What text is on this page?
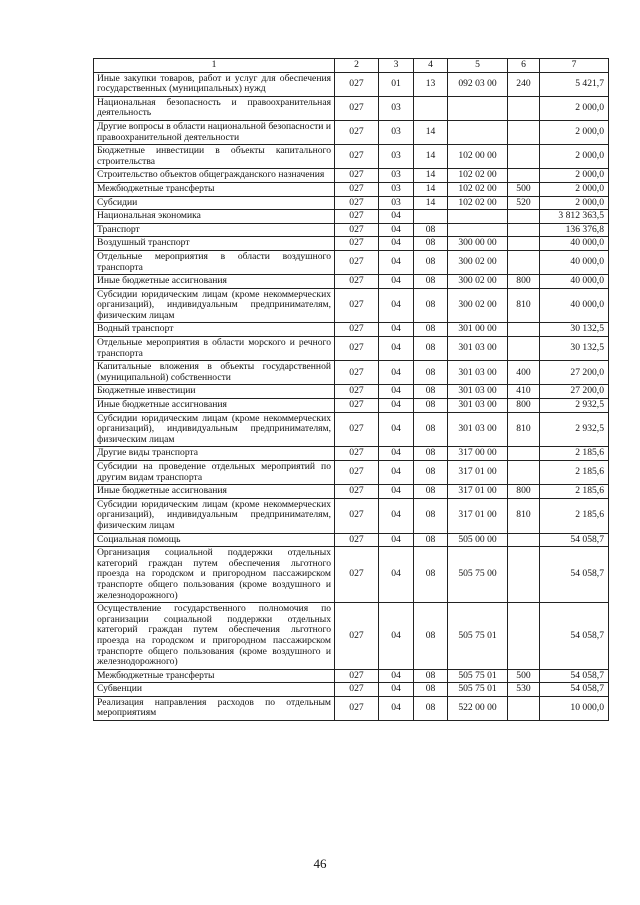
1	2	3	4	5	6	7
Иные закупки товаров, работ и услуг для обеспечения государственных (муниципальных) нужд	027	01	13	092 03 00	240	5 421,7
Национальная безопасность и правоохранительная деятельность	027	03				2 000,0
Другие вопросы в области национальной безопасности и правоохранительной деятельности	027	03	14			2 000,0
Бюджетные инвестиции в объекты капитального строительства	027	03	14	102 00 00		2 000,0
Строительство объектов общегражданского назначения	027	03	14	102 02 00		2 000,0
Межбюджетные трансферты	027	03	14	102 02 00	500	2 000,0
Субсидии	027	03	14	102 02 00	520	2 000,0
Национальная экономика	027	04				3 812 363,5
Транспорт	027	04	08			136 376,8
Воздушный транспорт	027	04	08	300 00 00		40 000,0
Отдельные мероприятия в области воздушного транспорта	027	04	08	300 02 00		40 000,0
Иные бюджетные ассигнования	027	04	08	300 02 00	800	40 000,0
Субсидии юридическим лицам (кроме некоммерческих организаций), индивидуальным предпринимателям, физическим лицам	027	04	08	300 02 00	810	40 000,0
Водный транспорт	027	04	08	301 00 00		30 132,5
Отдельные мероприятия в области морского и речного транспорта	027	04	08	301 03 00		30 132,5
Капитальные вложения в объекты государственной (муниципальной) собственности	027	04	08	301 03 00	400	27 200,0
Бюджетные инвестиции	027	04	08	301 03 00	410	27 200,0
Иные бюджетные ассигнования	027	04	08	301 03 00	800	2 932,5
Субсидии юридическим лицам (кроме некоммерческих организаций), индивидуальным предпринимателям, физическим лицам	027	04	08	301 03 00	810	2 932,5
Другие виды транспорта	027	04	08	317 00 00		2 185,6
Субсидии на проведение отдельных мероприятий по другим видам транспорта	027	04	08	317 01 00		2 185,6
Иные бюджетные ассигнования	027	04	08	317 01 00	800	2 185,6
Субсидии юридическим лицам (кроме некоммерческих организаций), индивидуальным предпринимателям, физическим лицам	027	04	08	317 01 00	810	2 185,6
Социальная помощь	027	04	08	505 00 00		54 058,7
Организация социальной поддержки отдельных категорий граждан путем обеспечения льготного проезда на городском и пригородном пассажирском транспорте общего пользования (кроме воздушного и железнодорожного)	027	04	08	505 75 00		54 058,7
Осуществление государственного полномочия по организации социальной поддержки отдельных категорий граждан путем обеспечения льготного проезда на городском и пригородном пассажирском транспорте общего пользования (кроме воздушного и железнодорожного)	027	04	08	505 75 01		54 058,7
Межбюджетные трансферты	027	04	08	505 75 01	500	54 058,7
Субвенции	027	04	08	505 75 01	530	54 058,7
Реализация направления расходов по отдельным мероприятиям	027	04	08	522 00 00		10 000,0
46
